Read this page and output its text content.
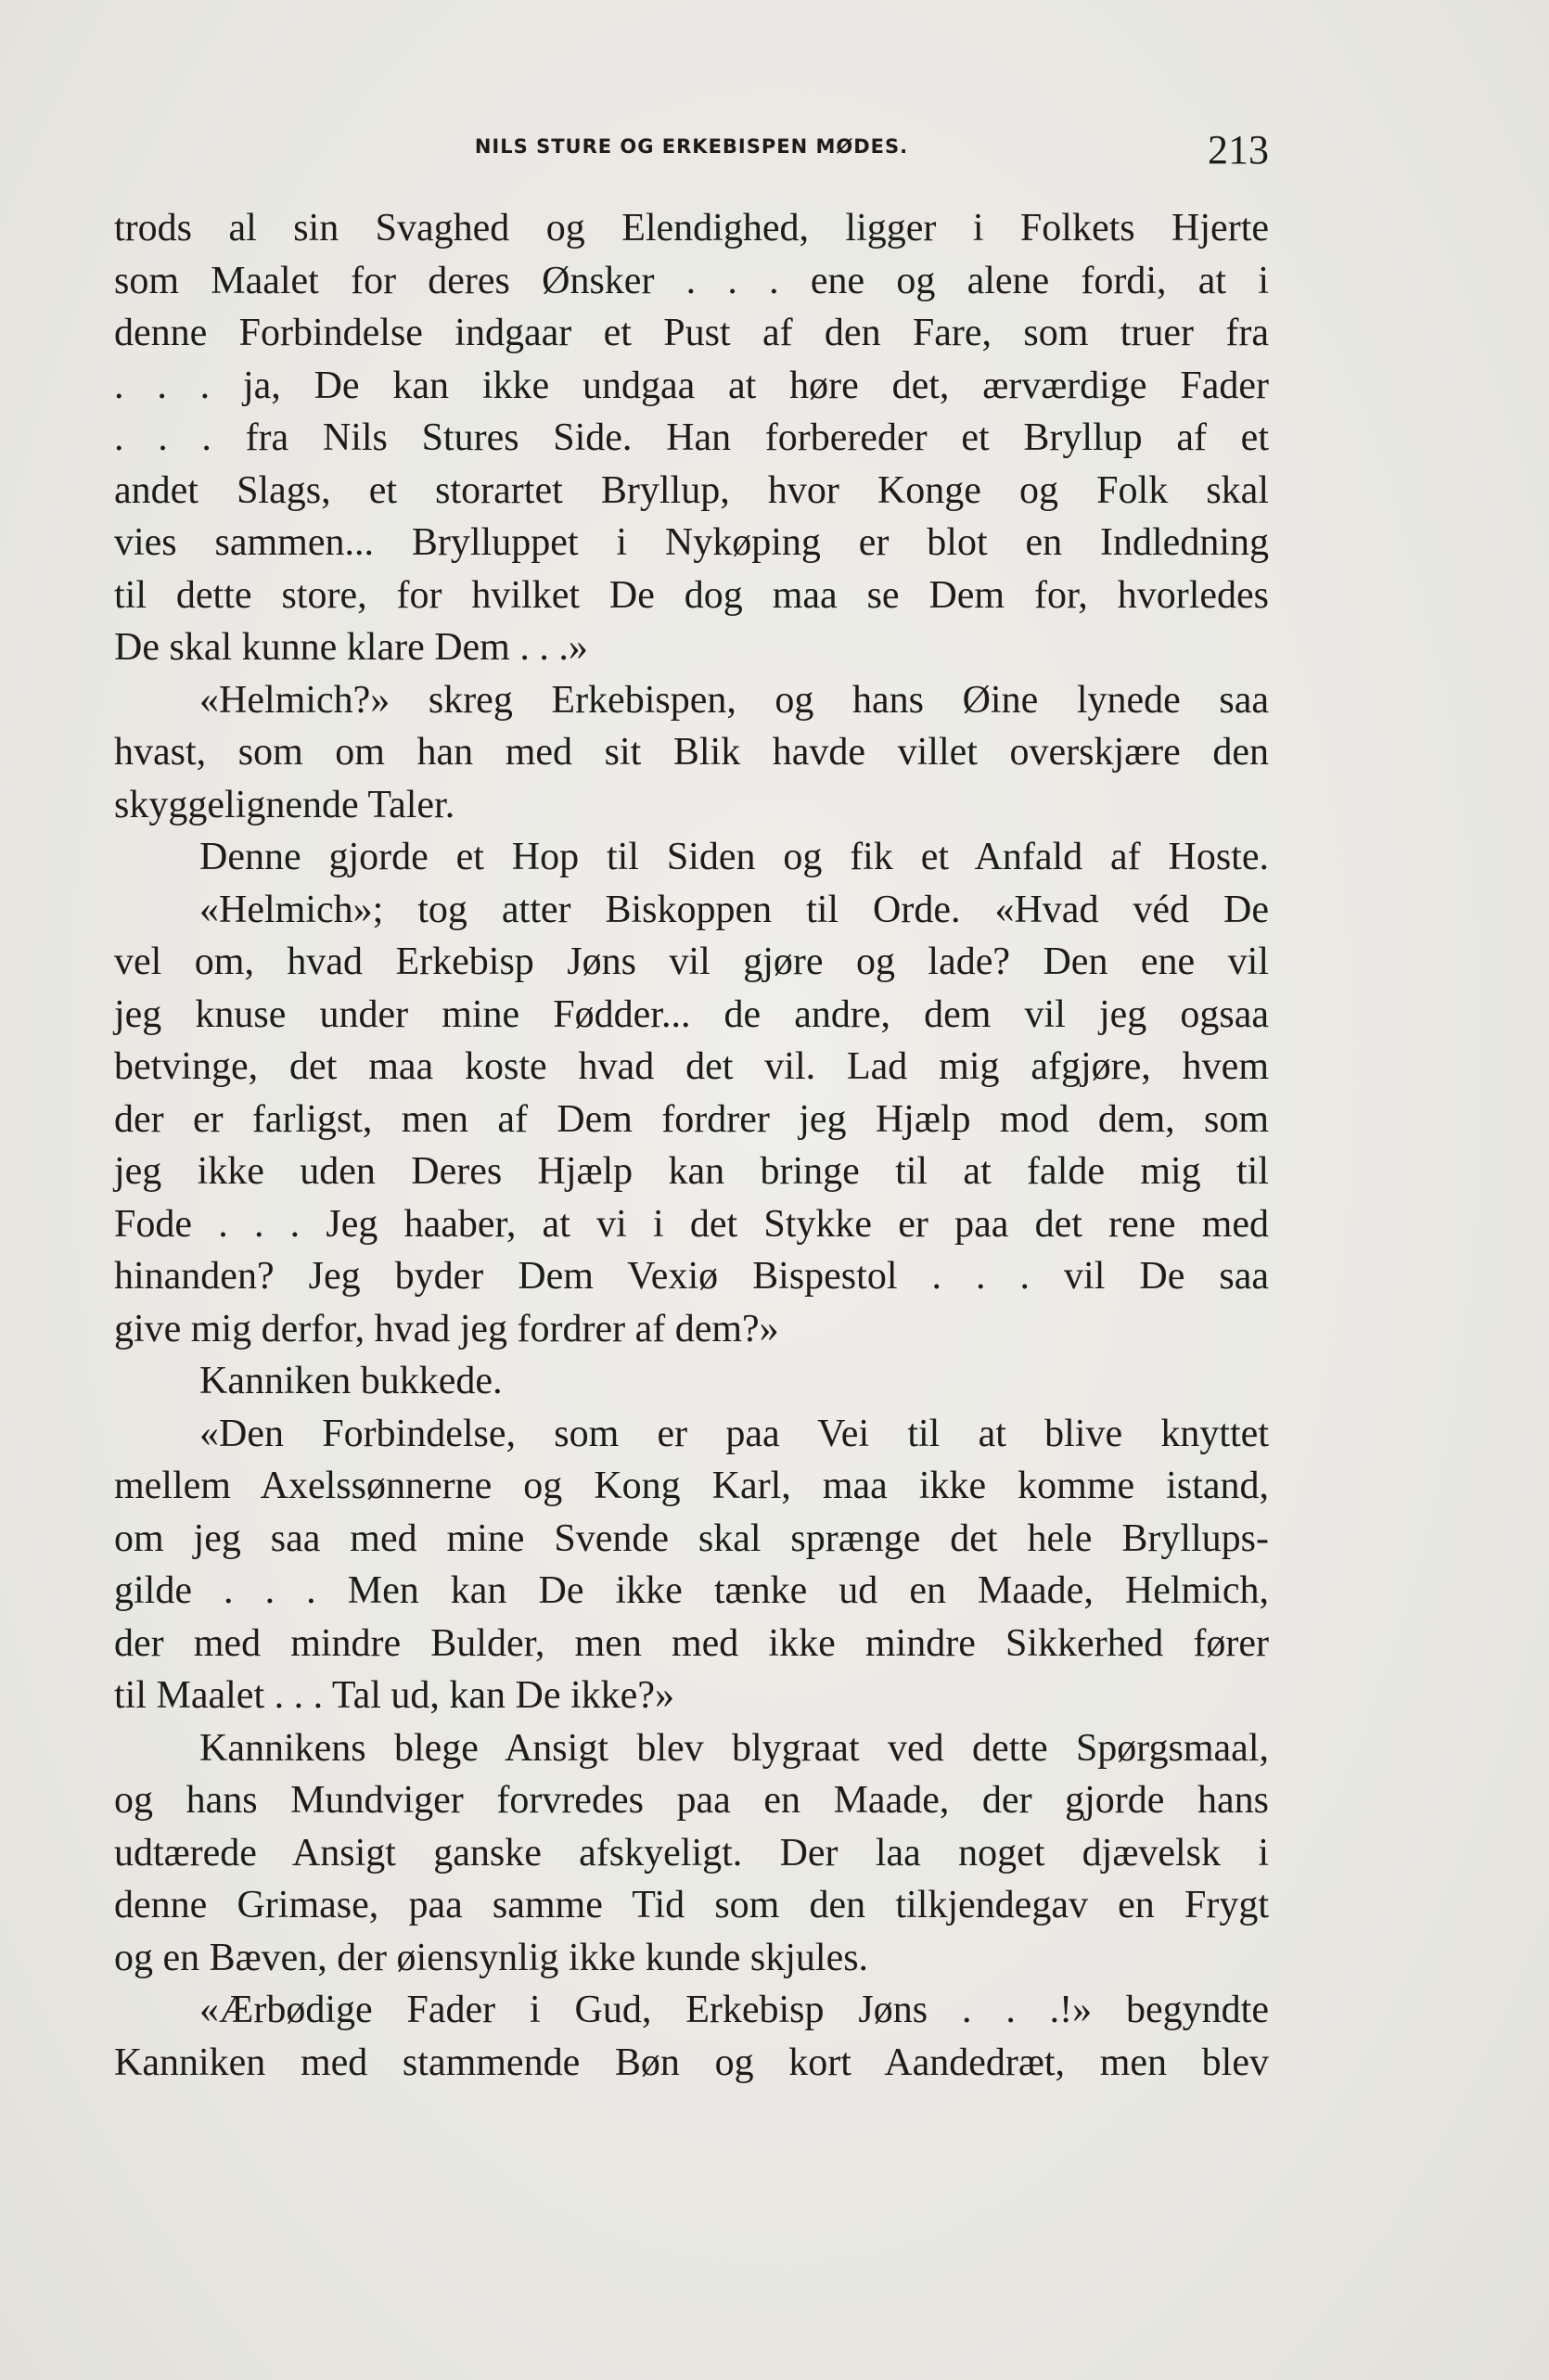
NILS STURE OG ERKEBISPEN MØDES.	213
trods al sin Svaghed og Elendighed, ligger i Folkets Hjerte
som Maalet for deres Ønsker . . . ene og alene fordi, at i
denne Forbindelse indgaar et Pust af den Fare, som truer fra
. . . ja, De kan ikke undgaa at høre det, ærværdige Fader
. . . fra Nils Stures Side. Han forbereder et Bryllup af et
andet Slags, et storartet Bryllup, hvor Konge og Folk skal
vies sammen... Brylluppet i Nykøping er blot en Indledning
til dette store, for hvilket De dog maa se Dem for, hvorledes
De skal kunne klare Dem . . .»
«Helmich?» skreg Erkebispen, og hans Øine lynede saa
hvast, som om han med sit Blik havde villet overskjære den
skyggelignende Taler.
Denne gjorde et Hop til Siden og fik et Anfald af Hoste.
«Helmich»; tog atter Biskoppen til Orde. «Hvad véd De
vel om, hvad Erkebisp Jøns vil gjøre og lade? Den ene vil
jeg knuse under mine Fødder... de andre, dem vil jeg ogsaa
betvinge, det maa koste hvad det vil. Lad mig afgjøre, hvem
der er farligst, men af Dem fordrer jeg Hjælp mod dem, som
jeg ikke uden Deres Hjælp kan bringe til at falde mig til
Fode . . . Jeg haaber, at vi i det Stykke er paa det rene med
hinanden? Jeg byder Dem Vexiø Bispestol . . . vil De saa
give mig derfor, hvad jeg fordrer af dem?»
Kanniken bukkede.
«Den Forbindelse, som er paa Vei til at blive knyttet
mellem Axelssønnerne og Kong Karl, maa ikke komme istand,
om jeg saa med mine Svende skal sprænge det hele Bryllups-
gilde . . . Men kan De ikke tænke ud en Maade, Helmich,
der med mindre Bulder, men med ikke mindre Sikkerhed fører
til Maalet . . . Tal ud, kan De ikke?»
Kannikens blege Ansigt blev blygraat ved dette Spørgsmaal,
og hans Mundviger forvredes paa en Maade, der gjorde hans
udtærede Ansigt ganske afskyeligt. Der laa noget djævelsk i
denne Grimase, paa samme Tid som den tilkjendegav en Frygt
og en Bæven, der øiensynlig ikke kunde skjules.
«Ærbødige Fader i Gud, Erkebisp Jøns . . .!» begyndte
Kanniken med stammende Bøn og kort Aandedræt, men blev
